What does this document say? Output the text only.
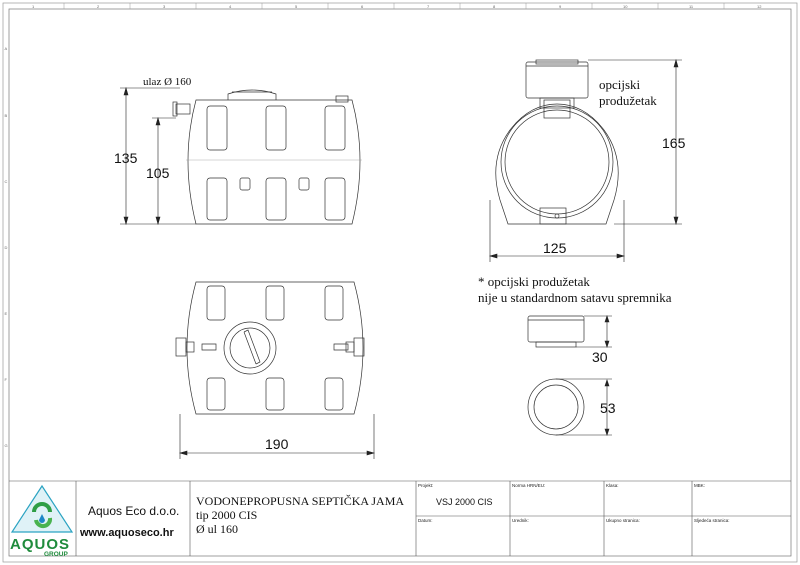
1	2	3	4	5	6	7	8	9	10	11	12
A
B
C
D
E
F
G
135
105
ulaz Ø 160
165
125
opcijski
produžetak
190
* opcijski produžetak
nije u standardnom satavu spremnika
30
53
AQUOS
GROUP
Aquos Eco d.o.o.
www.aquoseco.hr
VODONEPROPUSNA SEPTIČKA JAMA
tip 2000 CIS
Ø ul 160
Projekt:
VSJ 2000 CIS
Norma HRN/EU:	Klasa:	MBK:
Datum:	Urednik:	Ukupno stranica:	Sljedeća stranica:
